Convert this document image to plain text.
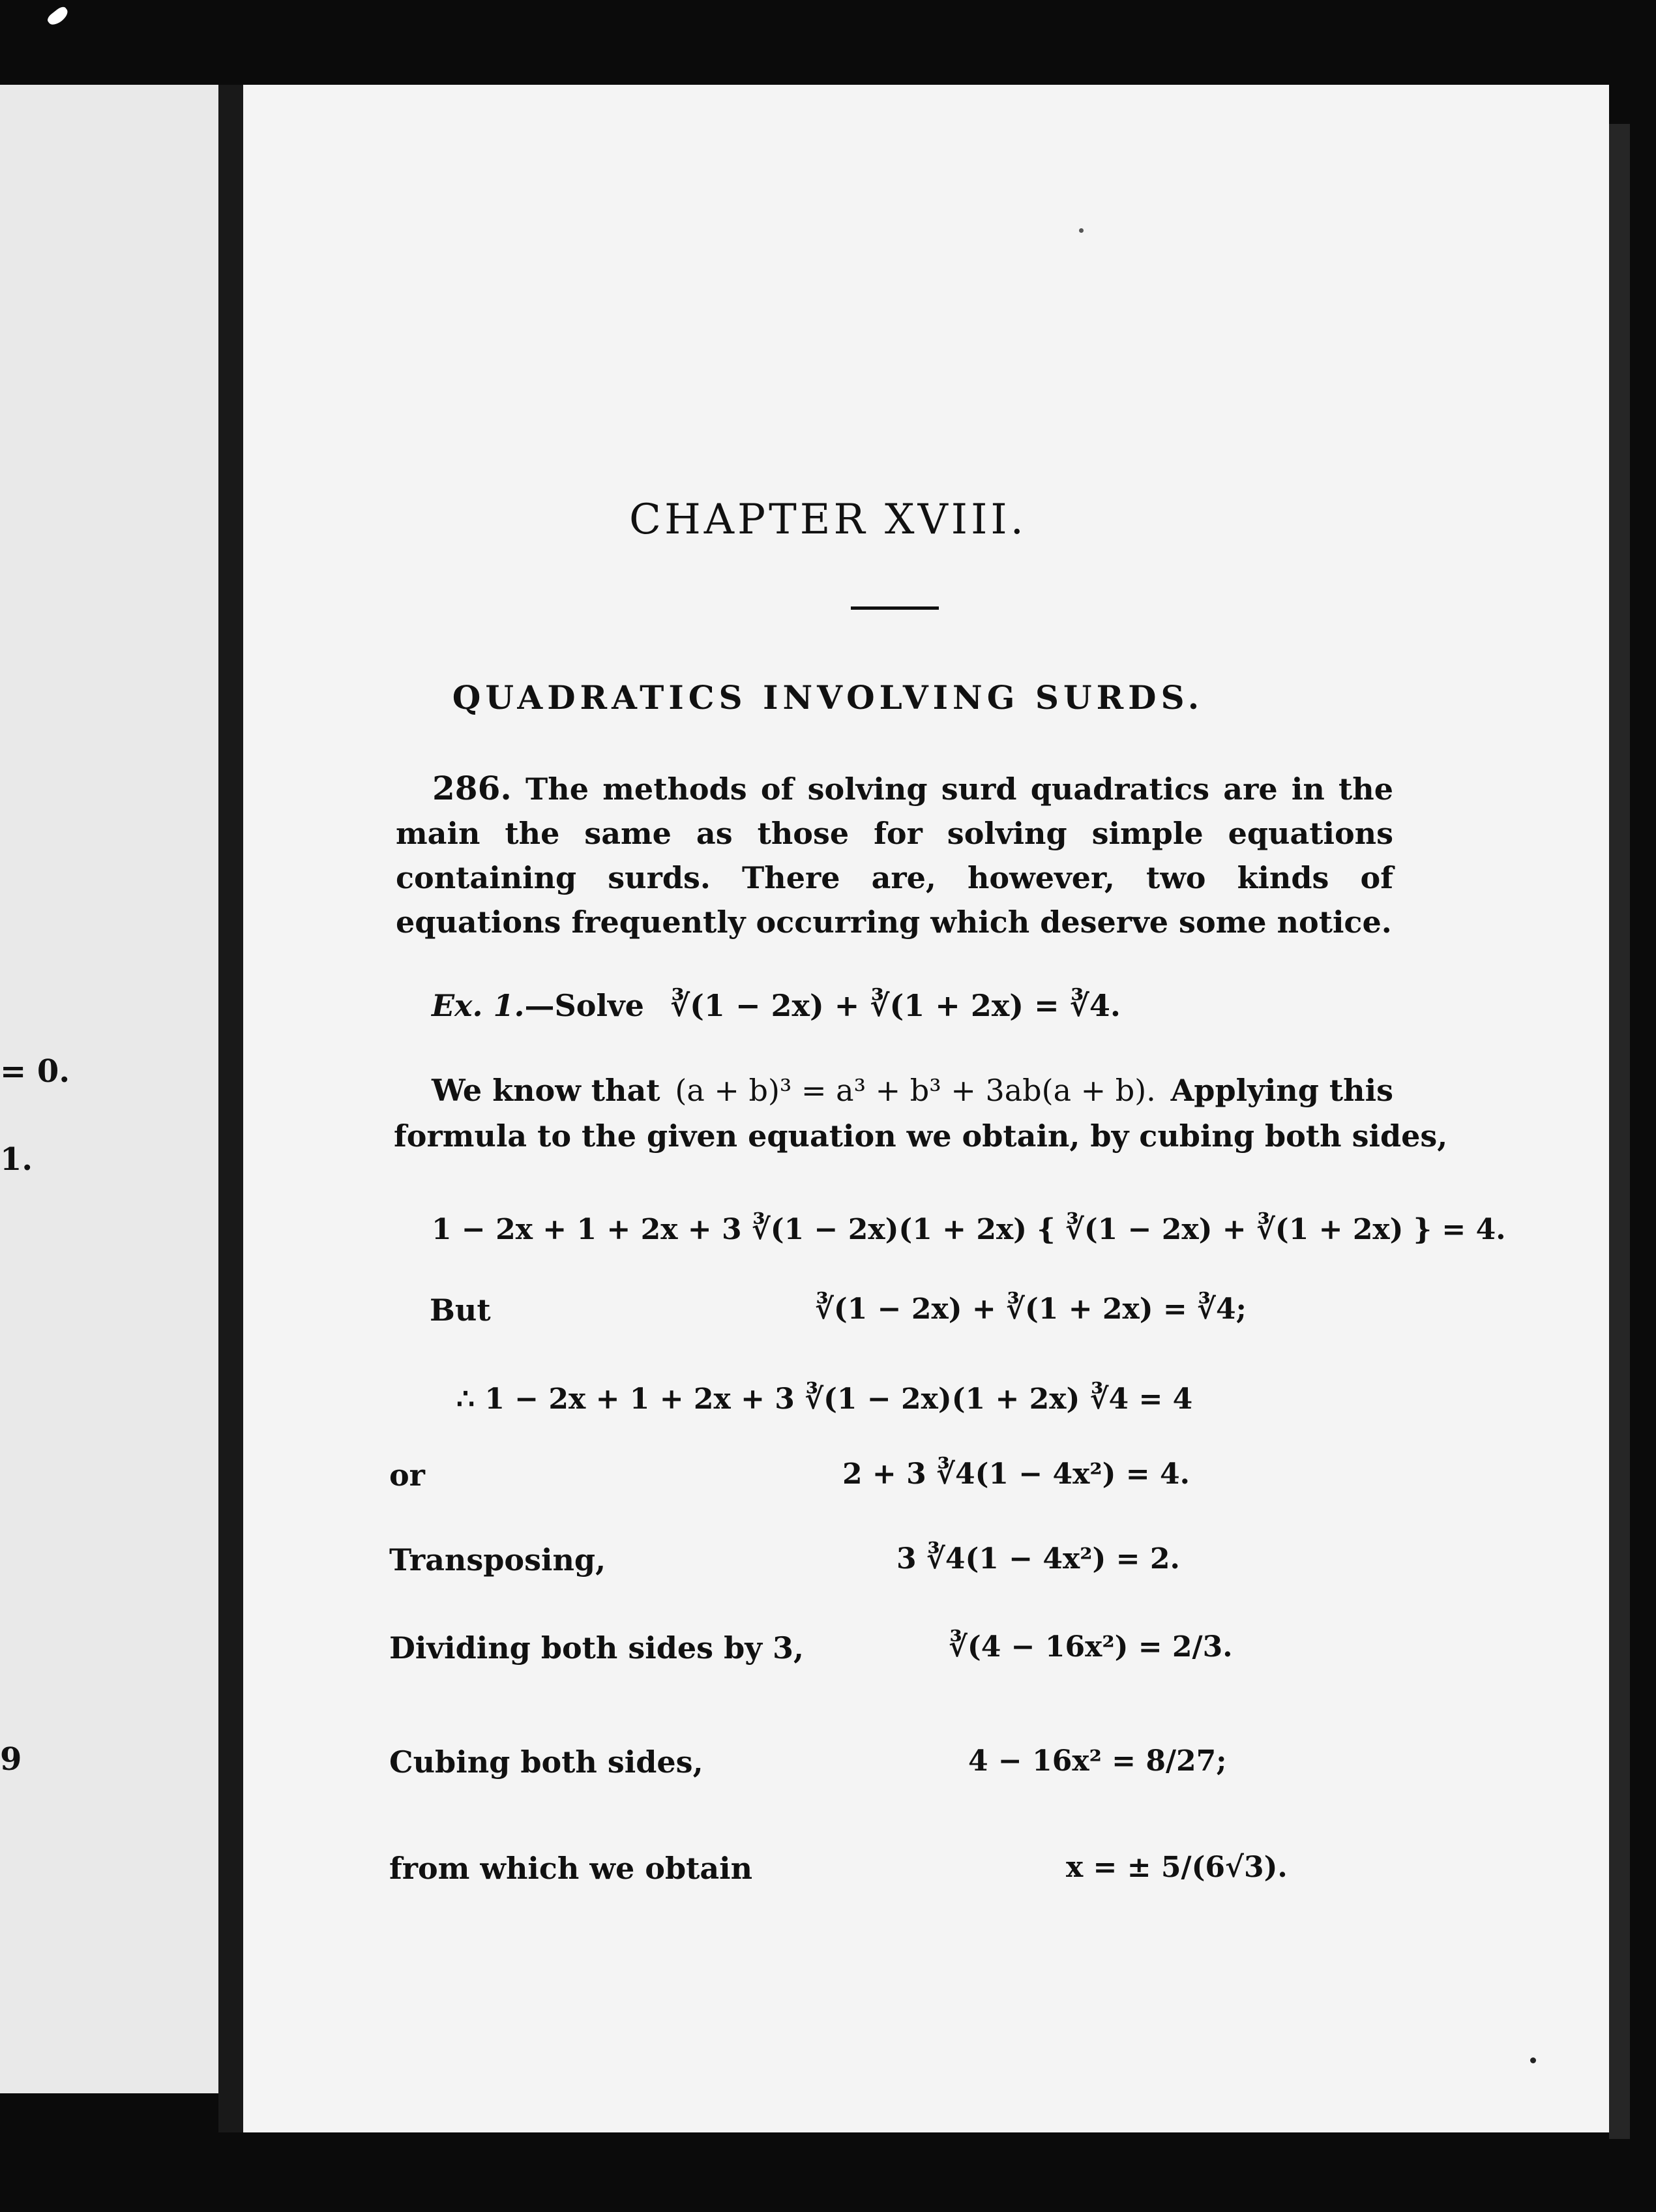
= 0.
1.
9
CHAPTER XVIII.
QUADRATICS INVOLVING SURDS.
286. The methods of solving surd quadratics are in the main the same as those for solving simple equations containing surds. There are, however, two kinds of equations frequently occurring which deserve some notice.
Ex. 1.—Solve ∛(1 − 2x) + ∛(1 + 2x) = ∛4.
We know that (a + b)³ = a³ + b³ + 3ab(a + b). Applying this
formula to the given equation we obtain, by cubing both sides,
1 − 2x + 1 + 2x + 3 ∛(1 − 2x)(1 + 2x) { ∛(1 − 2x) + ∛(1 + 2x) } = 4.
But	∛(1 − 2x) + ∛(1 + 2x) = ∛4;
∴ 1 − 2x + 1 + 2x + 3 ∛(1 − 2x)(1 + 2x) ∛4 = 4
or	2 + 3 ∛4(1 − 4x²) = 4.
Transposing,	3 ∛4(1 − 4x²) = 2.
Dividing both sides by 3,	∛(4 − 16x²) = 2/3.
Cubing both sides,	4 − 16x² = 8/27;
from which we obtain	x = ± 5/(6√3).
